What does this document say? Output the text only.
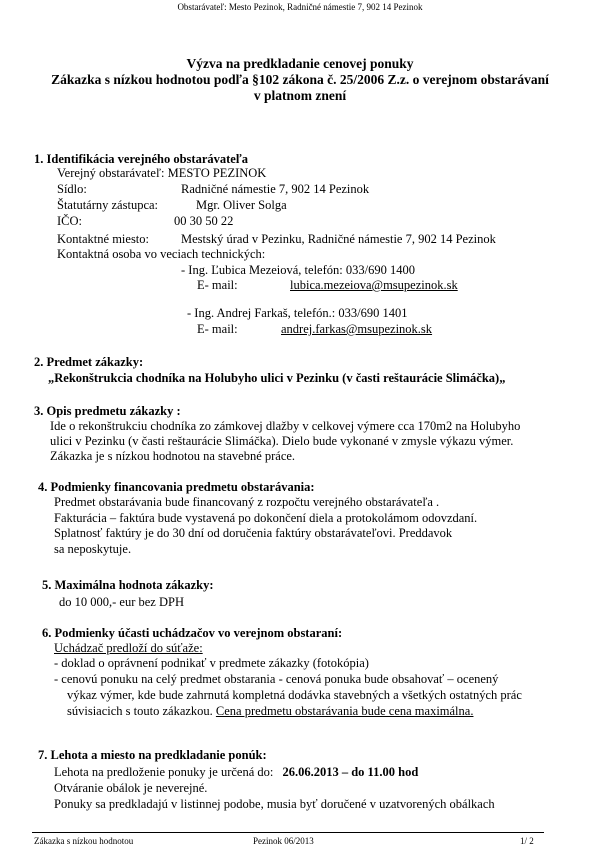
Obstarávateľ: Mesto Pezinok, Radničné námestie 7, 902 14 Pezinok
Výzva na predkladanie cenovej ponuky
Zákazka s nízkou hodnotou podľa §102 zákona č. 25/2006 Z.z. o verejnom obstarávaní
v platnom znení
1. Identifikácia verejného obstarávateľa
Verejný obstarávateľ: MESTO PEZINOK
Sídlo:	Radničné námestie 7, 902 14 Pezinok
Štatutárny zástupca:	Mgr. Oliver Solga
IČO:	00 30 50 22
Kontaktné miesto:	Mestský úrad v Pezinku, Radničné námestie 7, 902 14 Pezinok
Kontaktná osoba vo veciach technických:
- Ing. Ľubica Mezeiová, telefón: 033/690 1400
E- mail:	lubica.mezeiova@msupezinok.sk
- Ing. Andrej Farkaš, telefón.: 033/690 1401
E- mail:	andrej.farkas@msupezinok.sk
2. Predmet zákazky:
„Rekonštrukcia chodníka na Holubyho ulici v Pezinku (v časti reštaurácie Slimáčka)„
3. Opis predmetu zákazky :
Ide o rekonštrukciu chodníka zo zámkovej dlažby v celkovej výmere cca 170m2 na Holubyho
ulici v Pezinku (v časti reštaurácie Slimáčka). Dielo bude vykonané v zmysle výkazu výmer.
Zákazka je s nízkou hodnotou na stavebné práce.
4. Podmienky financovania predmetu obstarávania:
Predmet obstarávania bude financovaný z rozpočtu verejného obstarávateľa .
Fakturácia – faktúra bude vystavená po dokončení diela a protokolámom odovzdaní.
Splatnosť faktúry je do 30 dní od doručenia faktúry obstarávateľovi. Preddavok
sa neposkytuje.
5. Maximálna hodnota zákazky:
do 10 000,- eur bez DPH
6. Podmienky účasti uchádzačov vo verejnom obstaraní:
Uchádzač predloží do súťaže:
- doklad o oprávnení podnikať v predmete zákazky (fotokópia)
- cenovú ponuku na celý predmet obstarania - cenová ponuka bude obsahovať – ocenený
výkaz výmer, kde bude zahrnutá kompletná dodávka stavebných a všetkých ostatných prác
súvisiacich s touto zákazkou. Cena predmetu obstarávania bude cena maximálna.
7. Lehota a miesto na predkladanie ponúk:
Lehota na predloženie ponuky je určená do: 26.06.2013 – do 11.00 hod
Otváranie obálok je neverejné.
Ponuky sa predkladajú v listinnej podobe, musia byť doručené v uzatvorených obálkach
Zákazka s nízkou hodnotou	Pezinok 06/2013	1/ 2
